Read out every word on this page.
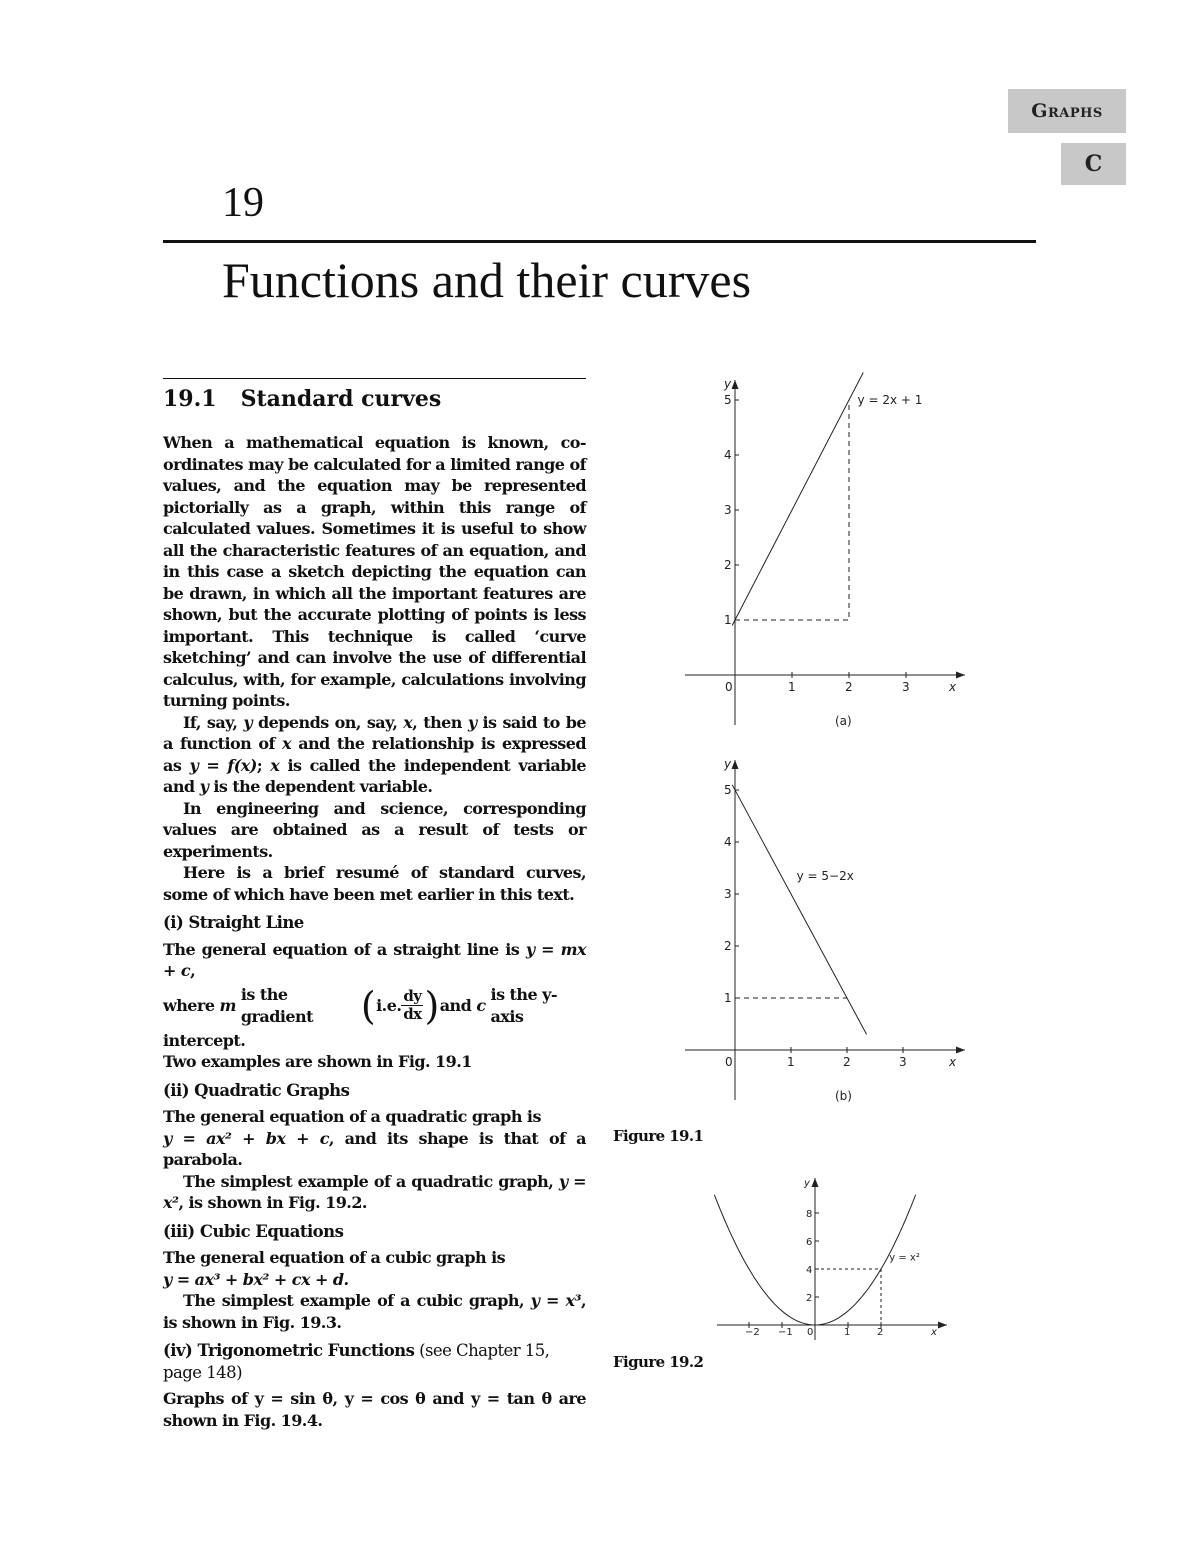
Graphs
C
19
Functions and their curves
19.1 Standard curves

When a mathematical equation is known, co-ordinates may be calculated for a limited range of values, and the equation may be represented pictorially as a graph, within this range of calculated values. Sometimes it is useful to show all the characteristic features of an equation, and in this case a sketch depicting the equation can be drawn, in which all the important features are shown, but the accurate plotting of points is less important. This technique is called ‘curve sketching’ and can involve the use of differential calculus, with, for example, calculations involving turning points.

If, say, y depends on, say, x, then y is said to be a function of x and the relationship is expressed as y = f(x); x is called the independent variable and y is the dependent variable.

In engineering and science, corresponding values are obtained as a result of tests or experiments.

Here is a brief resumé of standard curves, some of which have been met earlier in this text.

(i) Straight Line

The general equation of a straight line is y = mx + c,

where
m

is the gradient	( i.e. $\frac{dy}{dx}$ ) and
c

is the y-axis

intercept.

Two examples are shown in Fig. 19.1

(ii) Quadratic Graphs

The general equation of a quadratic graph is

y = ax² + bx + c, and its shape is that of a parabola.

The simplest example of a quadratic graph, y = x², is shown in Fig. 19.2.

(iii) Cubic Equations

The general equation of a cubic graph is

y = ax³ + bx² + cx + d.

The simplest example of a cubic graph, y = x³, is shown in Fig. 19.3.

(iv) Trigonometric Functions (see Chapter 15, page 148)

Graphs of y = sin θ, y = cos θ and y = tan θ are shown in Fig. 19.4.

x
y
0	1	2	3
1
2
3
4
5	y = 2x + 1
(a)
x
y
0	1	2	3
1
2
3
4
5
y = 5−2x
(b)
Figure 19.1
x
y
−2 −1 0	1	2
2
4
6
8
y = x²
Figure 19.2
